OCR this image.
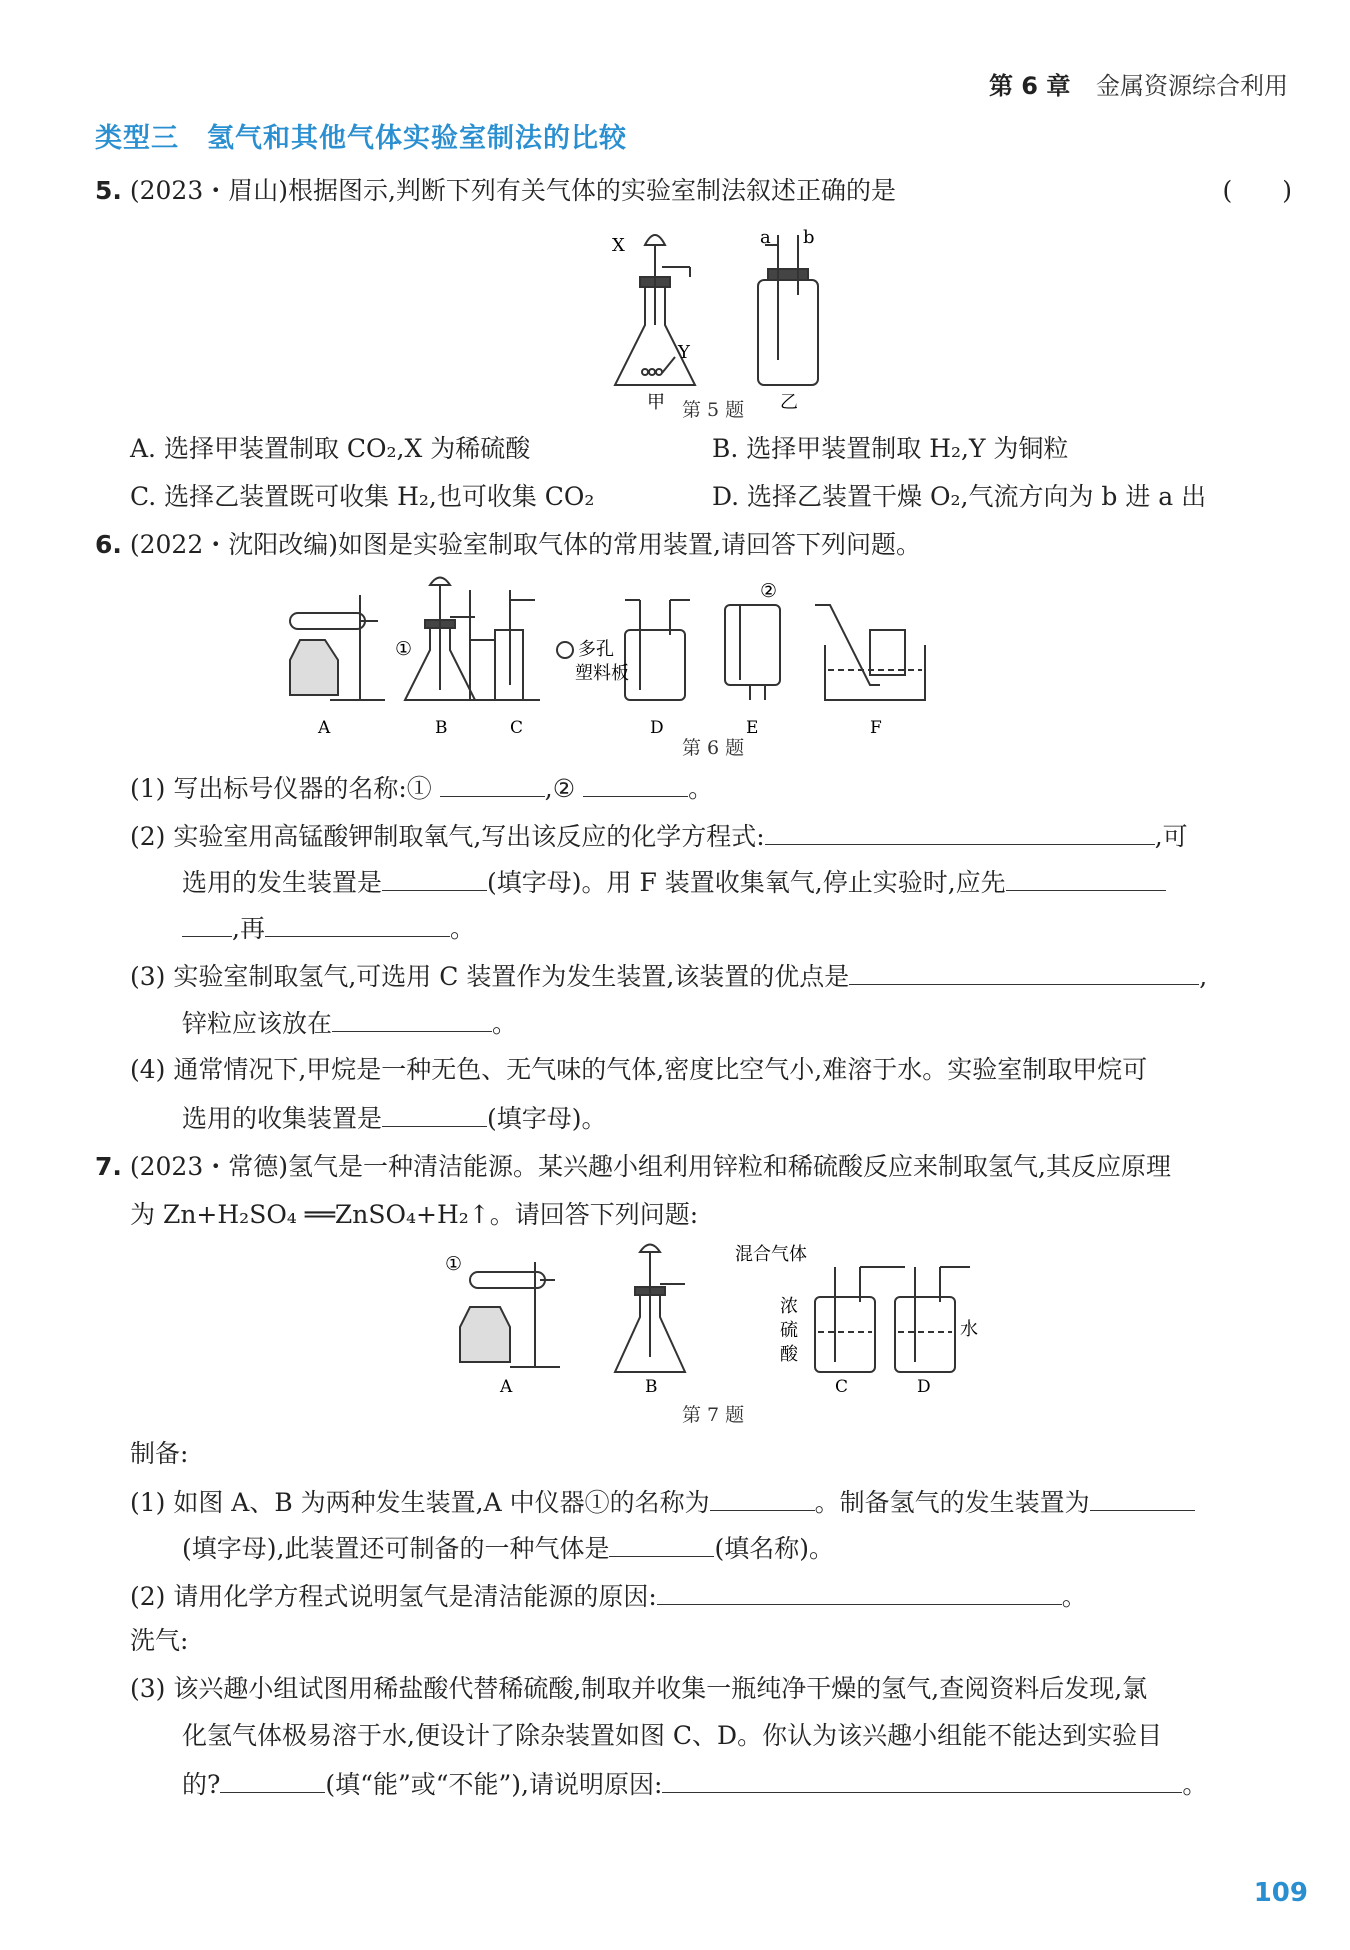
第 6 章 金属资源综合利用
类型三　氢气和其他气体实验室制法的比较
5. (2023・眉山)根据图示,判断下列有关气体的实验室制法叙述正确的是	(　　)
X
Y
甲
a b
乙
第 5 题
A. 选择甲装置制取 CO₂,X 为稀硫酸	B. 选择甲装置制取 H₂,Y 为铜粒
C. 选择乙装置既可收集 H₂,也可收集 CO₂	D. 选择乙装置干燥 O₂,气流方向为 b 进 a 出
6. (2022・沈阳改编)如图是实验室制取气体的常用装置,请回答下列问题。
A	B
①
C
多孔
塑料板
D
②
E	F
第 6 题
(1) 写出标号仪器的名称:①	,②	。
(2) 实验室用高锰酸钾制取氧气,写出该反应的化学方程式:	,可
选用的发生装置是	(填字母)。用 F 装置收集氧气,停止实验时,应先
,再	。
(3) 实验室制取氢气,可选用 C 装置作为发生装置,该装置的优点是	,
锌粒应该放在	。
(4) 通常情况下,甲烷是一种无色、无气味的气体,密度比空气小,难溶于水。实验室制取甲烷可
选用的收集装置是	(填字母)。
7. (2023・常德)氢气是一种清洁能源。某兴趣小组利用锌粒和稀硫酸反应来制取氢气,其反应原理
为 Zn+H₂SO₄ ══ZnSO₄+H₂↑。请回答下列问题:
①
A	B
混合气体
浓
硫
酸
水
C	D
第 7 题
制备:
(1) 如图 A、B 为两种发生装置,A 中仪器①的名称为	。制备氢气的发生装置为
(填字母),此装置还可制备的一种气体是	(填名称)。
(2) 请用化学方程式说明氢气是清洁能源的原因:	。
洗气:
(3) 该兴趣小组试图用稀盐酸代替稀硫酸,制取并收集一瓶纯净干燥的氢气,查阅资料后发现,氯
化氢气体极易溶于水,便设计了除杂装置如图 C、D。你认为该兴趣小组能不能达到实验目
的?	(填“能”或“不能”),请说明原因:	。
109
